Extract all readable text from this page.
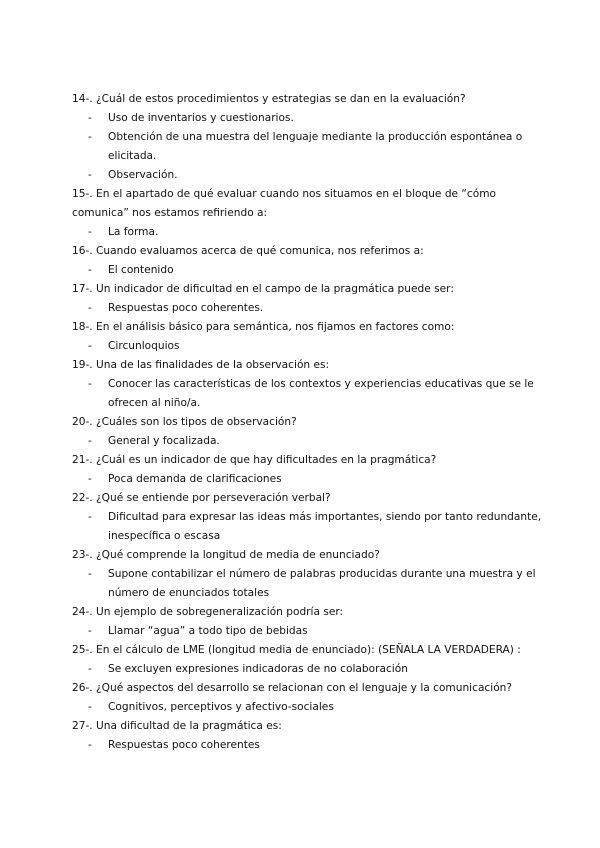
14-. ¿Cuál de estos procedimientos y estrategias se dan en la evaluación?

- Uso de inventarios y cuestionarios.
- Obtención de una muestra del lenguaje mediante la producción espontánea o elicitada.
- Observación.

15-. En el apartado de qué evaluar cuando nos situamos en el bloque de “cómo comunica” nos estamos refiriendo a:

- La forma.

16-. Cuando evaluamos acerca de qué comunica, nos referimos a:

- El contenido

17-. Un indicador de dificultad en el campo de la pragmática puede ser:

- Respuestas poco coherentes.

18-. En el análisis básico para semántica, nos fijamos en factores como:

- Circunloquios

19-. Una de las finalidades de la observación es:

- Conocer las características de los contextos y experiencias educativas que se le ofrecen al niño/a.

20-. ¿Cuáles son los tipos de observación?

- General y focalizada.

21-. ¿Cuál es un indicador de que hay dificultades en la pragmática?

- Poca demanda de clarificaciones

22-. ¿Qué se entiende por perseveración verbal?

- Dificultad para expresar las ideas más importantes, siendo por tanto redundante, inespecífica o escasa

23-. ¿Qué comprende la longitud de media de enunciado?

- Supone contabilizar el número de palabras producidas durante una muestra y el número de enunciados totales

24-. Un ejemplo de sobregeneralización podría ser:

- Llamar “agua” a todo tipo de bebidas

25-. En el cálculo de LME (longitud media de enunciado): (SEÑALA LA VERDADERA) :

- Se excluyen expresiones indicadoras de no colaboración

26-. ¿Qué aspectos del desarrollo se relacionan con el lenguaje y la comunicación?

- Cognitivos, perceptivos y afectivo-sociales

27-. Una dificultad de la pragmática es:

- Respuestas poco coherentes
